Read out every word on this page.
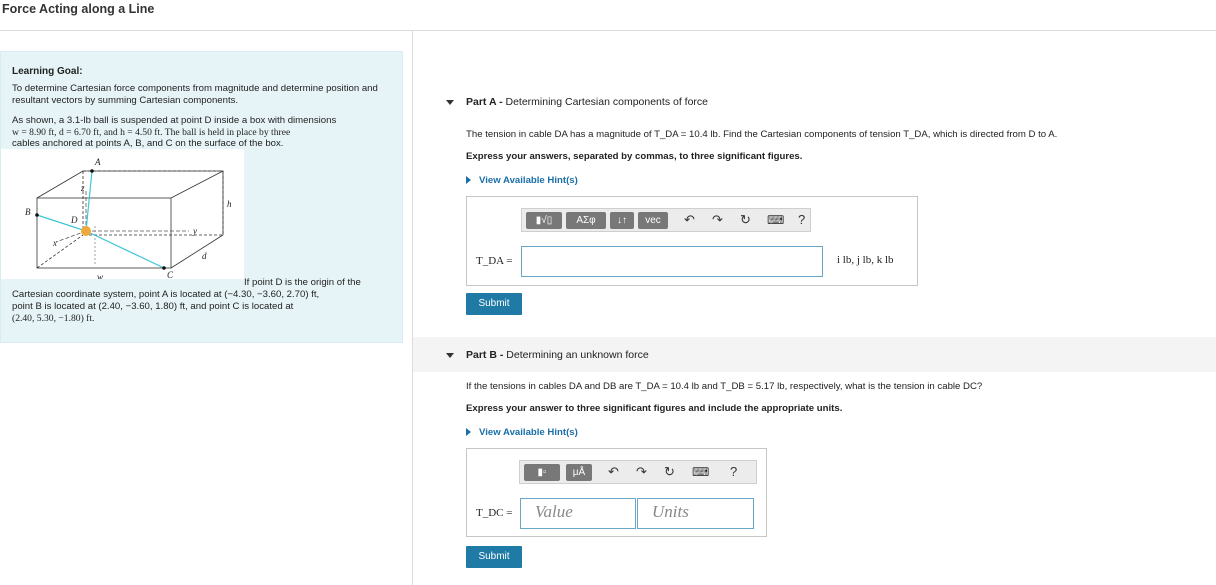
Force Acting along a Line
Learning Goal:
To determine Cartesian force components from magnitude and determine position and resultant vectors by summing Cartesian components.
As shown, a 3.1-lb ball is suspended at point D inside a box with dimensions
w = 8.90 ft, d = 6.70 ft, and h = 4.50 ft. The ball is held in place by three
cables anchored at points A, B, and C on the surface of the box.
A
B
C
D
h
d
w
x
y
z
If point D is the origin of the
Cartesian coordinate system, point A is located at (−4.30, −3.60, 2.70) ft,
point B is located at (2.40, −3.60, 1.80) ft, and point C is located at
(2.40, 5.30, −1.80) ft.
Part A - Determining Cartesian components of force
The tension in cable DA has a magnitude of T_DA = 10.4 lb. Find the Cartesian components of tension T_DA, which is directed from D to A.
Express your answers, separated by commas, to three significant figures.
View Available Hint(s)
▮√▯	ΑΣφ	↓↑	vec	↶ ↷ ↻ ⌨ ?
T_DA =	i lb, j lb, k lb
Submit
Part B - Determining an unknown force
If the tensions in cables DA and DB are T_DA = 10.4 lb and T_DB = 5.17 lb, respectively, what is the tension in cable DC?
Express your answer to three significant figures and include the appropriate units.
View Available Hint(s)
▮▫	μÅ	↶ ↷ ↻ ⌨ ?
T_DC = Value	Units
Submit
